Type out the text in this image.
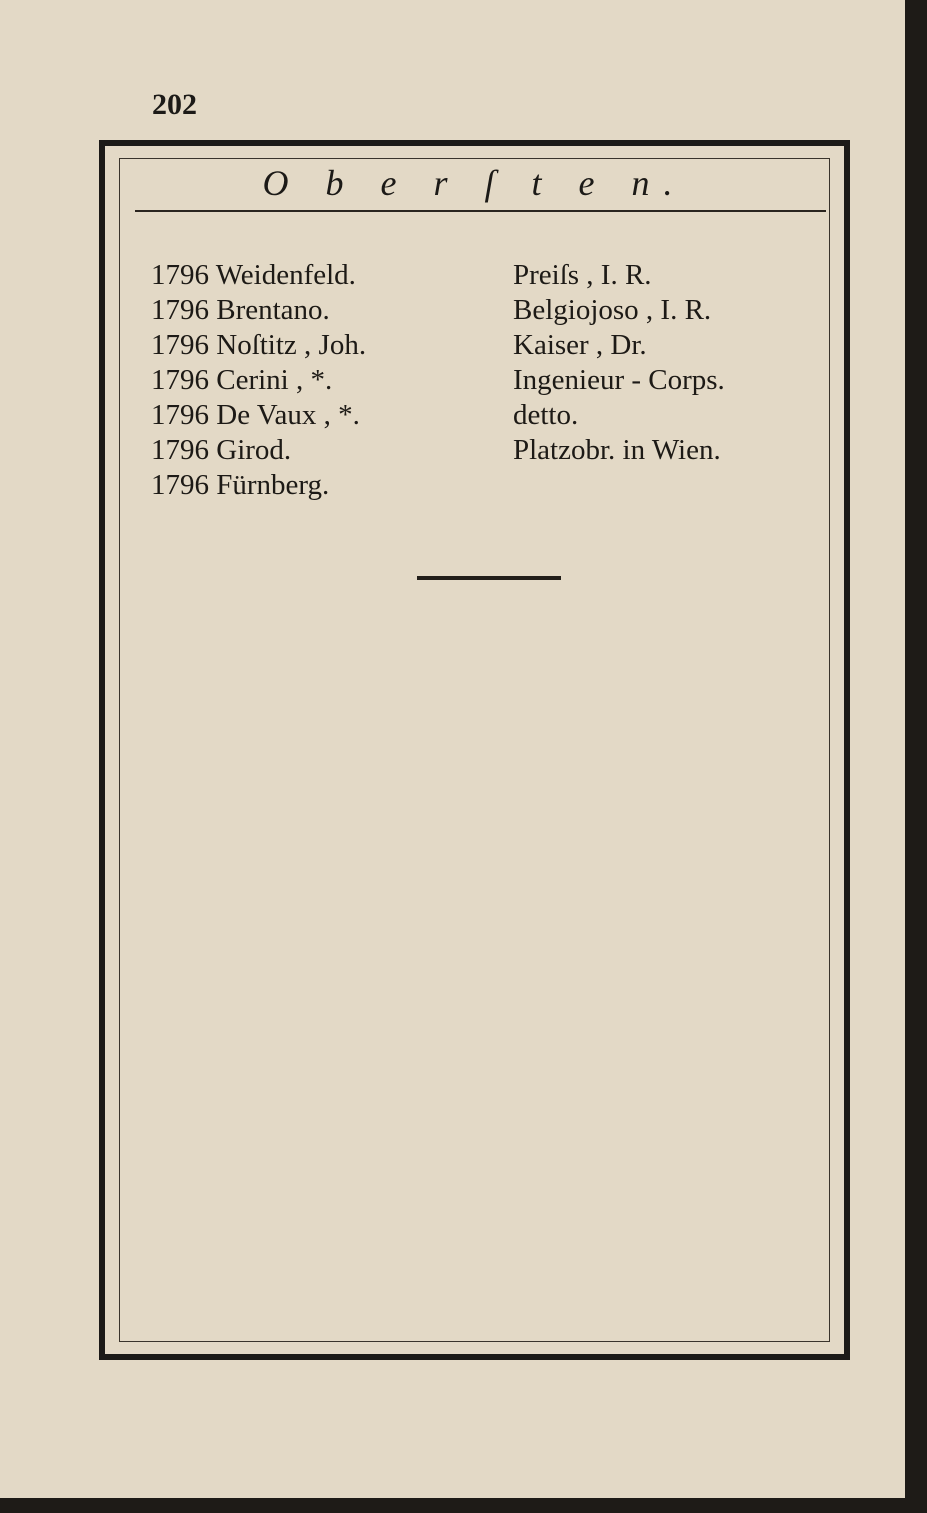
202
O b e r ſ t e n.
1796 Weidenfeld.	Preiſs , I. R.
1796 Brentano.	Belgiojoso , I. R.
1796 Noſtitz , Joh.	Kaiser , Dr.
1796 Cerini , *.	Ingenieur - Corps.
1796 De Vaux , *.	detto.
1796 Girod.	Platzobr. in Wien.
1796 Fürnberg.
